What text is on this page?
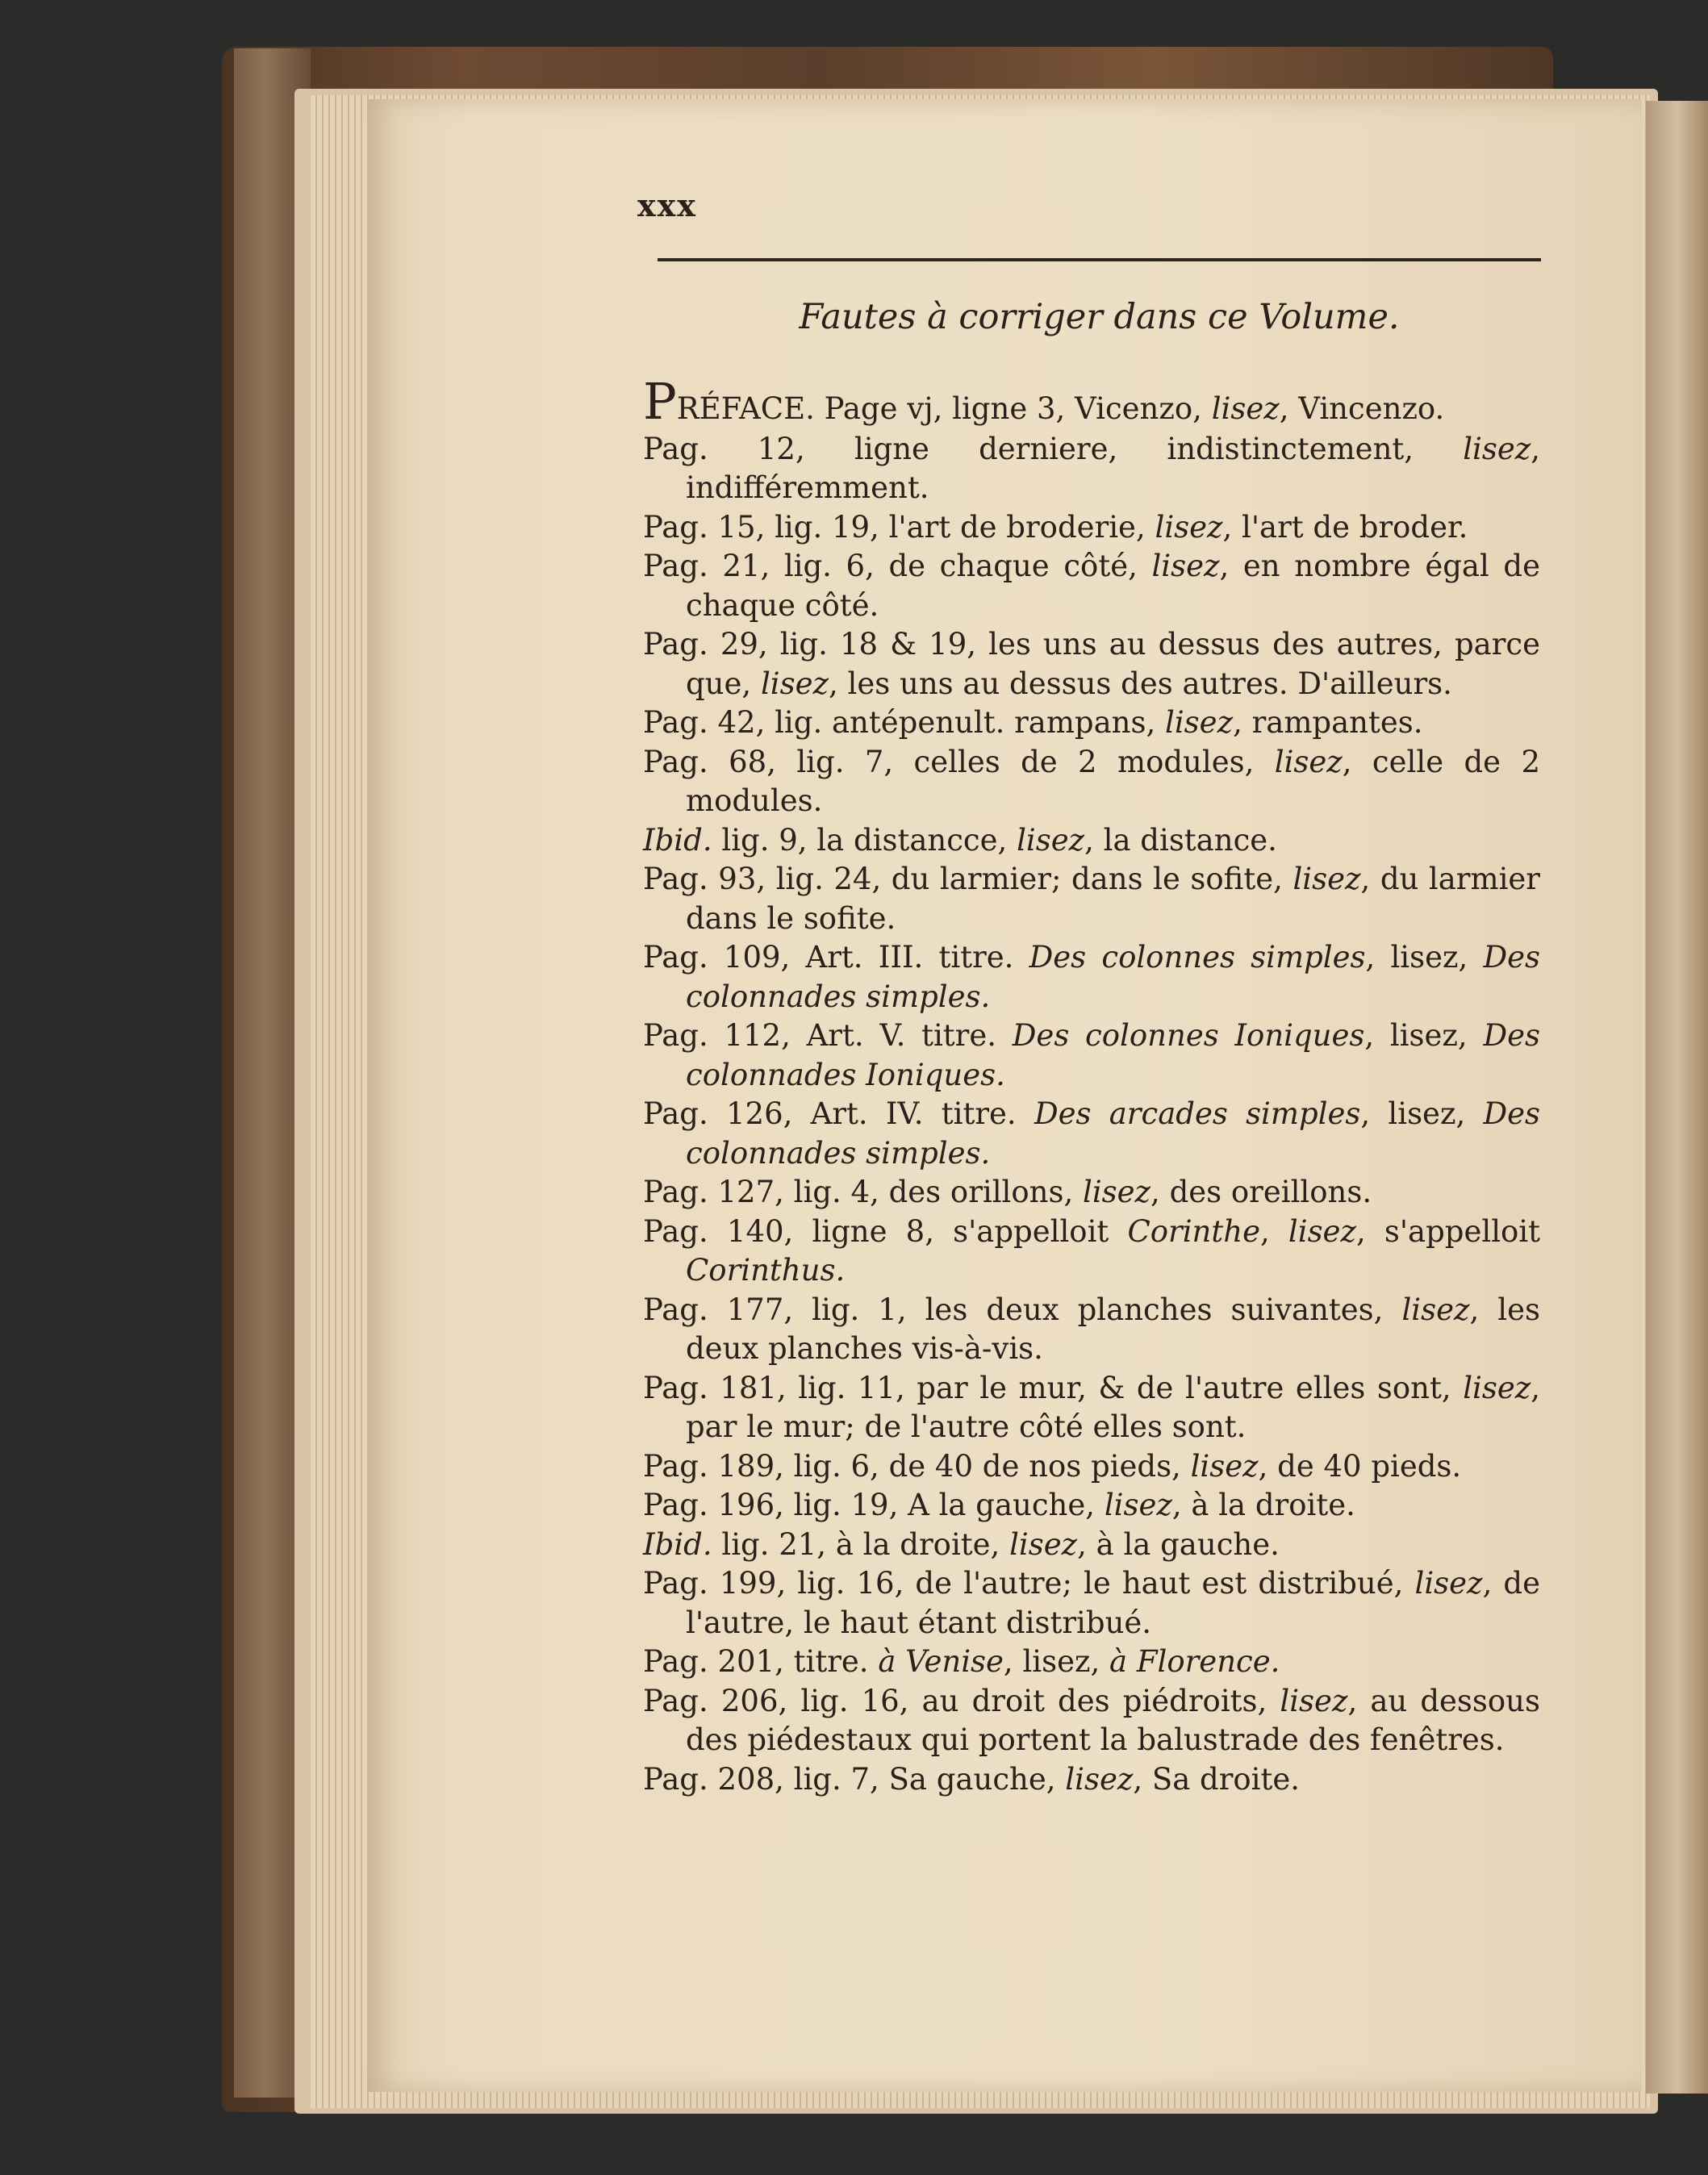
xxx
Fautes à corriger dans ce Volume.

PRÉFACE. Page vj, ligne 3, Vicenzo, lisez, Vincenzo.

Pag. 12, ligne derniere, indistinctement, lisez, indifféremment.

Pag. 15, lig. 19, l'art de broderie, lisez, l'art de broder.

Pag. 21, lig. 6, de chaque côté, lisez, en nombre égal de chaque côté.

Pag. 29, lig. 18 & 19, les uns au dessus des autres, parce que, lisez, les uns au dessus des autres. D'ailleurs.

Pag. 42, lig. antépenult. rampans, lisez, rampantes.

Pag. 68, lig. 7, celles de 2 modules, lisez, celle de 2 modules.

Ibid. lig. 9, la distancce, lisez, la distance.

Pag. 93, lig. 24, du larmier; dans le sofite, lisez, du larmier dans le sofite.

Pag. 109, Art. III. titre. Des colonnes simples, lisez, Des colonnades simples.

Pag. 112, Art. V. titre. Des colonnes Ioniques, lisez, Des colonnades Ioniques.

Pag. 126, Art. IV. titre. Des arcades simples, lisez, Des colonnades simples.

Pag. 127, lig. 4, des orillons, lisez, des oreillons.

Pag. 140, ligne 8, s'appelloit Corinthe, lisez, s'appelloit Corinthus.

Pag. 177, lig. 1, les deux planches suivantes, lisez, les deux planches vis-à-vis.

Pag. 181, lig. 11, par le mur, & de l'autre elles sont, lisez, par le mur; de l'autre côté elles sont.

Pag. 189, lig. 6, de 40 de nos pieds, lisez, de 40 pieds.

Pag. 196, lig. 19, A la gauche, lisez, à la droite.

Ibid. lig. 21, à la droite, lisez, à la gauche.

Pag. 199, lig. 16, de l'autre; le haut est distribué, lisez, de l'autre, le haut étant distribué.

Pag. 201, titre. à Venise, lisez, à Florence.

Pag. 206, lig. 16, au droit des piédroits, lisez, au dessous des piédestaux qui portent la balustrade des fenêtres.

Pag. 208, lig. 7, Sa gauche, lisez, Sa droite.
